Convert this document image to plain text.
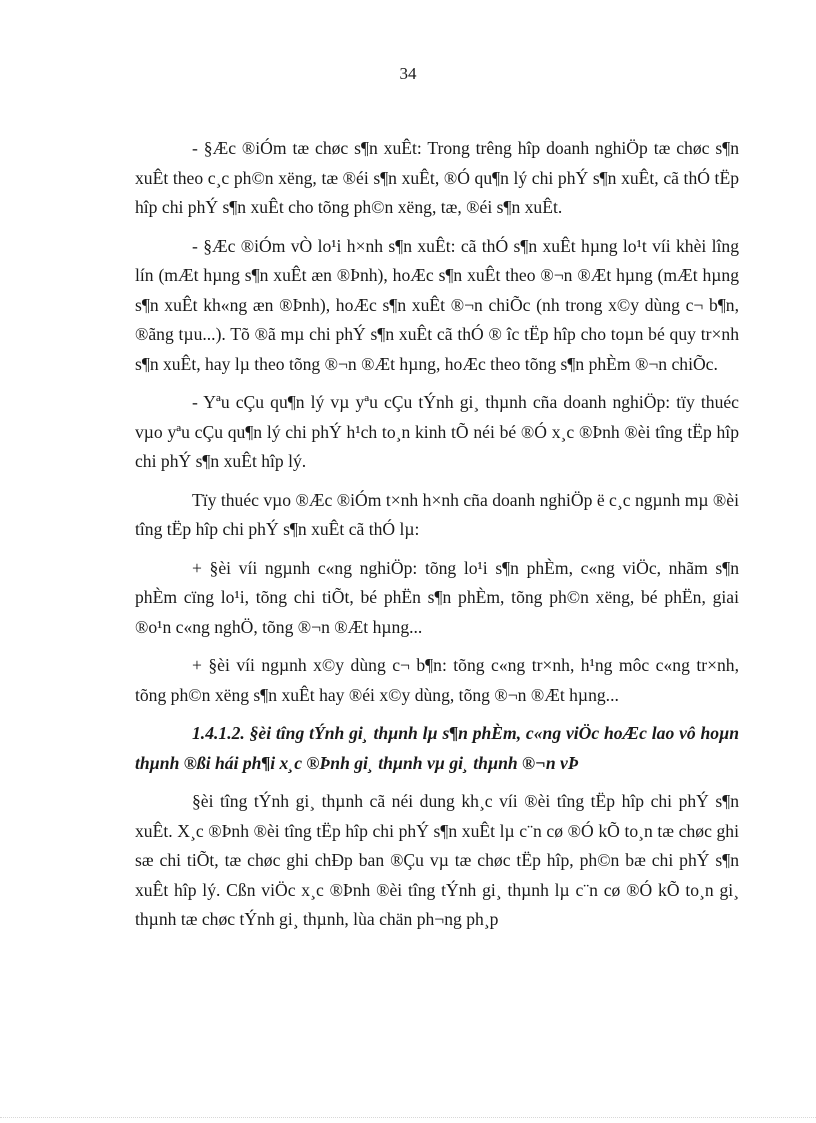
34

- §Æc ®iÓm tæ chøc s¶n xuÊt: Trong trêng hîp doanh nghiÖp tæ chøc s¶n xuÊt theo c¸c ph©n xëng, tæ ®éi s¶n xuÊt, ®Ó qu¶n lý chi phÝ s¶n xuÊt, cã thÓ tËp hîp chi phÝ s¶n xuÊt cho tõng ph©n xëng, tæ, ®éi s¶n xuÊt.

- §Æc ®iÓm vÒ lo¹i h×nh s¶n xuÊt: cã thÓ s¶n xuÊt hµng lo¹t víi khèi lîng lín (mÆt hµng s¶n xuÊt æn ®Þnh), hoÆc s¶n xuÊt theo ®¬n ®Æt hµng (mÆt hµng s¶n xuÊt kh«ng æn ®Þnh), hoÆc s¶n xuÊt ®¬n chiÕc (nh trong x©y dùng c¬ b¶n, ®ãng tµu...). Tõ ®ã mµ chi phÝ s¶n xuÊt cã thÓ ® îc tËp hîp cho toµn bé quy tr×nh s¶n xuÊt, hay lµ theo tõng ®¬n ®Æt hµng, hoÆc theo tõng s¶n phÈm ®¬n chiÕc.

- Yªu cÇu qu¶n lý vµ yªu cÇu tÝnh gi¸ thµnh cña doanh nghiÖp: tïy thuéc vµo yªu cÇu qu¶n lý chi phÝ h¹ch to¸n kinh tÕ néi bé ®Ó x¸c ®Þnh ®èi tîng tËp hîp chi phÝ s¶n xuÊt hîp lý.

Tïy thuéc vµo ®Æc ®iÓm t×nh h×nh cña doanh nghiÖp ë c¸c ngµnh mµ ®èi tîng tËp hîp chi phÝ s¶n xuÊt cã thÓ lµ:

+ §èi víi ngµnh c«ng nghiÖp: tõng lo¹i s¶n phÈm, c«ng viÖc, nhãm s¶n phÈm cïng lo¹i, tõng chi tiÕt, bé phËn s¶n phÈm, tõng ph©n xëng, bé phËn, giai ®o¹n c«ng nghÖ, tõng ®¬n ®Æt hµng...

+ §èi víi ngµnh x©y dùng c¬ b¶n: tõng c«ng tr×nh, h¹ng môc c«ng tr×nh, tõng ph©n xëng s¶n xuÊt hay ®éi x©y dùng, tõng ®¬n ®Æt hµng...

1.4.1.2. §èi tîng tÝnh gi¸ thµnh lµ s¶n phÈm, c«ng viÖc hoÆc lao vô hoµn thµnh ®ßi hái ph¶i x¸c ®Þnh gi¸ thµnh vµ gi¸ thµnh ®¬n vÞ

§èi tîng tÝnh gi¸ thµnh cã néi dung kh¸c víi ®èi tîng tËp hîp chi phÝ s¶n xuÊt. X¸c ®Þnh ®èi tîng tËp hîp chi phÝ s¶n xuÊt lµ c¨n cø ®Ó kÕ to¸n tæ chøc ghi sæ chi tiÕt, tæ chøc ghi chÐp ban ®Çu vµ tæ chøc tËp hîp, ph©n bæ chi phÝ s¶n xuÊt hîp lý. Cßn viÖc x¸c ®Þnh ®èi tîng tÝnh gi¸ thµnh lµ c¨n cø ®Ó kÕ to¸n gi¸ thµnh tæ chøc tÝnh gi¸ thµnh, lùa chän ph¬ng ph¸p
